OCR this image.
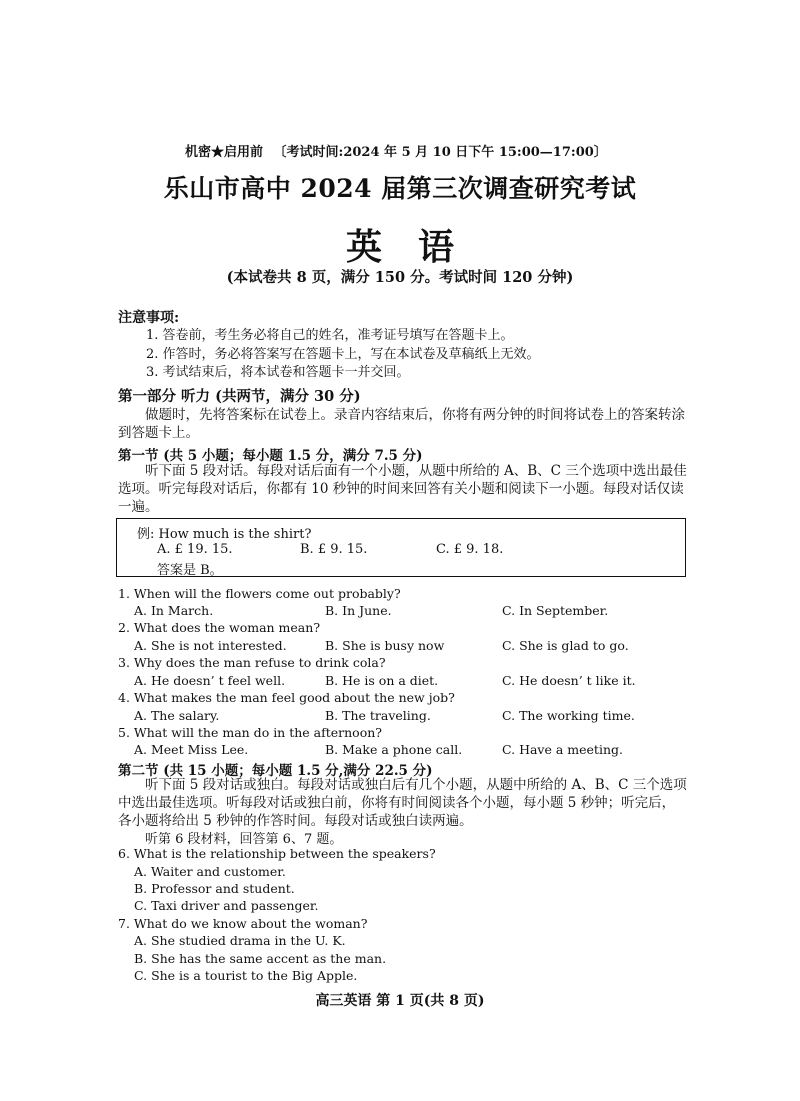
机密★启用前 〔考试时间:2024 年 5 月 10 日下午 15:00—17:00〕
乐山市高中 2024 届第三次调查研究考试
英语
(本试卷共 8 页，满分 150 分。考试时间 120 分钟)
注意事项:
1. 答卷前，考生务必将自己的姓名，准考证号填写在答题卡上。
2. 作答时，务必将答案写在答题卡上，写在本试卷及草稿纸上无效。
3. 考试结束后，将本试卷和答题卡一并交回。
第一部分 听力 (共两节，满分 30 分)
做题时，先将答案标在试卷上。录音内容结束后，你将有两分钟的时间将试卷上的答案转涂到答题卡上。
第一节 (共 5 小题；每小题 1.5 分，满分 7.5 分)
听下面 5 段对话。每段对话后面有一个小题，从题中所给的 A、B、C 三个选项中选出最佳选项。听完每段对话后，你都有 10 秒钟的时间来回答有关小题和阅读下一小题。每段对话仅读一遍。
例: How much is the shirt?
A. £ 19. 15.	B. £ 9. 15.	C. £ 9. 18.
答案是 B。
1. When will the flowers come out probably?
A. In March.	B. In June.	C. In September.
2. What does the woman mean?
A. She is not interested.	B. She is busy now	C. She is glad to go.
3. Why does the man refuse to drink cola?
A. He doesn’ t feel well.	B. He is on a diet.	C. He doesn’ t like it.
4. What makes the man feel good about the new job?
A. The salary.	B. The traveling.	C. The working time.
5. What will the man do in the afternoon?
A. Meet Miss Lee.	B. Make a phone call.	C. Have a meeting.
第二节 (共 15 小题；每小题 1.5 分,满分 22.5 分)
听下面 5 段对话或独白。每段对话或独白后有几个小题，从题中所给的 A、B、C 三个选项中选出最佳选项。听每段对话或独白前，你将有时间阅读各个小题，每小题 5 秒钟；听完后，各小题将给出 5 秒钟的作答时间。每段对话或独白读两遍。
听第 6 段材料，回答第 6、7 题。
6. What is the relationship between the speakers?
A. Waiter and customer.
B. Professor and student.
C. Taxi driver and passenger.
7. What do we know about the woman?
A. She studied drama in the U. K.
B. She has the same accent as the man.
C. She is a tourist to the Big Apple.
高三英语 第 1 页(共 8 页)
